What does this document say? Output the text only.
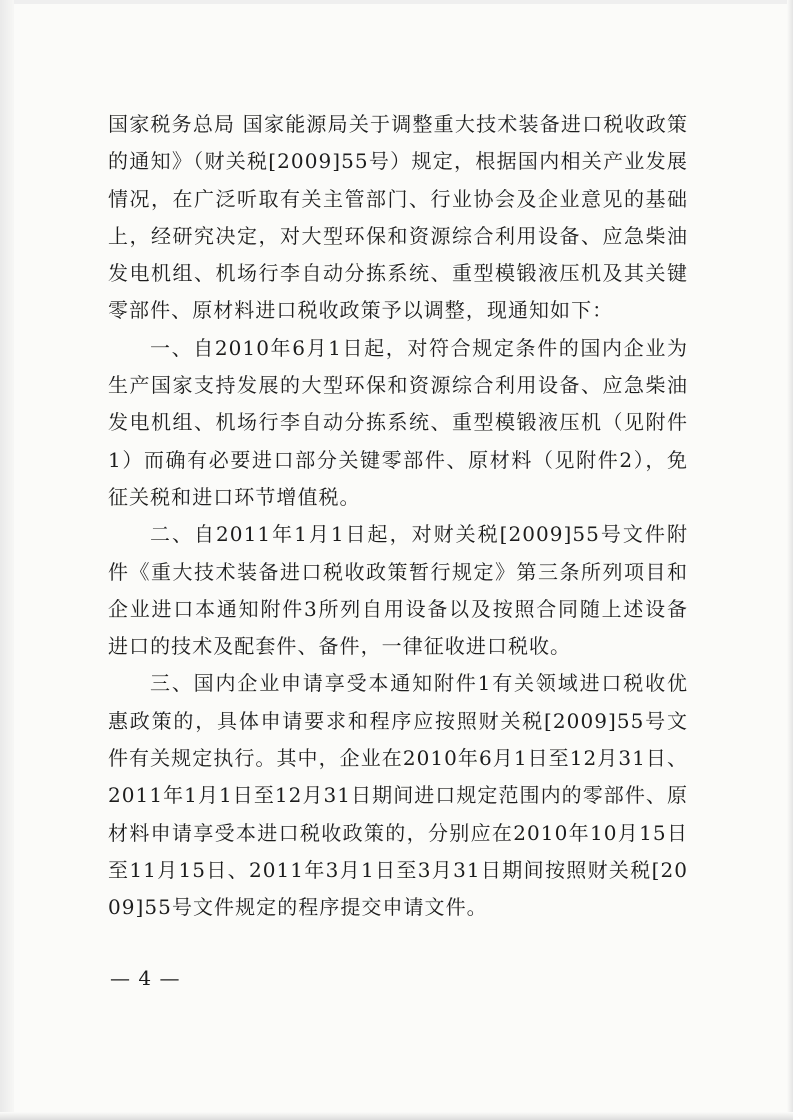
国家税务总局 国家能源局关于调整重大技术装备进口税收政策的通知》（财关税[2009]55号）规定，根据国内相关产业发展情况，在广泛听取有关主管部门、行业协会及企业意见的基础上，经研究决定，对大型环保和资源综合利用设备、应急柴油发电机组、机场行李自动分拣系统、重型模锻液压机及其关键零部件、原材料进口税收政策予以调整，现通知如下：

一、自2010年6月1日起，对符合规定条件的国内企业为生产国家支持发展的大型环保和资源综合利用设备、应急柴油发电机组、机场行李自动分拣系统、重型模锻液压机（见附件1）而确有必要进口部分关键零部件、原材料（见附件2），免征关税和进口环节增值税。

二、自2011年1月1日起，对财关税[2009]55号文件附件《重大技术装备进口税收政策暂行规定》第三条所列项目和企业进口本通知附件3所列自用设备以及按照合同随上述设备进口的技术及配套件、备件，一律征收进口税收。

三、国内企业申请享受本通知附件1有关领域进口税收优惠政策的，具体申请要求和程序应按照财关税[2009]55号文件有关规定执行。其中，企业在2010年6月1日至12月31日、2011年1月1日至12月31日期间进口规定范围内的零部件、原材料申请享受本进口税收政策的，分别应在2010年10月15日至11月15日、2011年3月1日至3月31日期间按照财关税[2009]55号文件规定的程序提交申请文件。

— 4 —
